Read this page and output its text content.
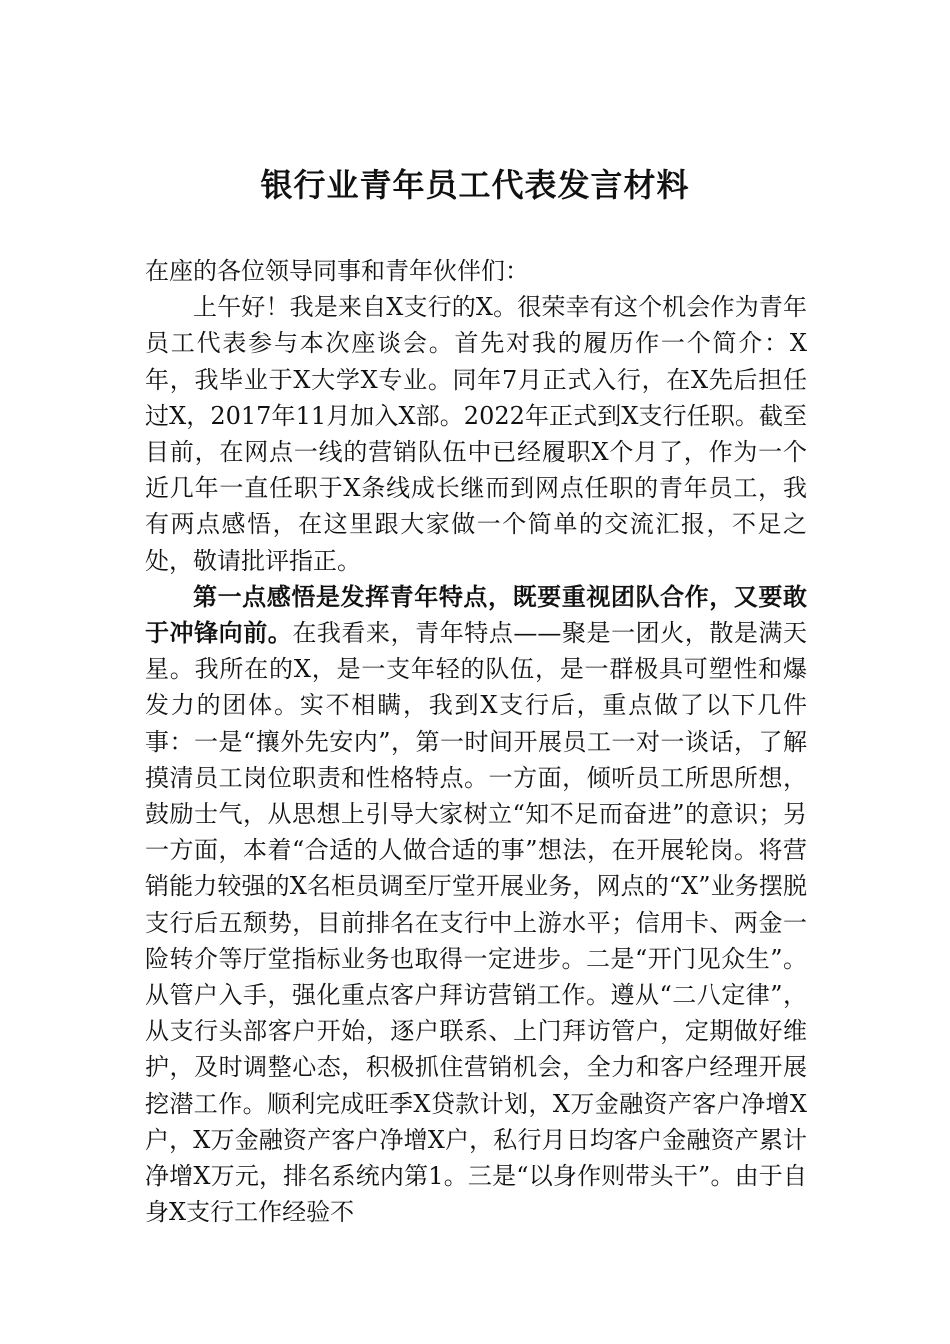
银行业青年员工代表发言材料

在座的各位领导同事和青年伙伴们：

上午好！我是来自X支行的X。很荣幸有这个机会作为青年员工代表参与本次座谈会。首先对我的履历作一个简介：X年，我毕业于X大学X专业。同年7月正式入行，在X先后担任过X，2017年11月加入X部。2022年正式到X支行任职。截至目前，在网点一线的营销队伍中已经履职X个月了，作为一个近几年一直任职于X条线成长继而到网点任职的青年员工，我有两点感悟，在这里跟大家做一个简单的交流汇报，不足之处，敬请批评指正。

第一点感悟是发挥青年特点，既要重视团队合作，又要敢于冲锋向前。在我看来，青年特点——聚是一团火，散是满天星。我所在的X，是一支年轻的队伍，是一群极具可塑性和爆发力的团体。实不相瞒，我到X支行后，重点做了以下几件事：一是“攘外先安内”，第一时间开展员工一对一谈话，了解摸清员工岗位职责和性格特点。一方面，倾听员工所思所想，鼓励士气，从思想上引导大家树立“知不足而奋进”的意识；另一方面，本着“合适的人做合适的事”想法，在开展轮岗。将营销能力较强的X名柜员调至厅堂开展业务，网点的“X”业务摆脱支行后五颓势，目前排名在支行中上游水平；信用卡、两金一险转介等厅堂指标业务也取得一定进步。二是“开门见众生”。从管户入手，强化重点客户拜访营销工作。遵从“二八定律”，从支行头部客户开始，逐户联系、上门拜访管户，定期做好维护，及时调整心态，积极抓住营销机会，全力和客户经理开展挖潜工作。顺利完成旺季X贷款计划，X万金融资产客户净增X户，X万金融资产客户净增X户，私行月日均客户金融资产累计净增X万元，排名系统内第1。三是“以身作则带头干”。由于自身X支行工作经验不
